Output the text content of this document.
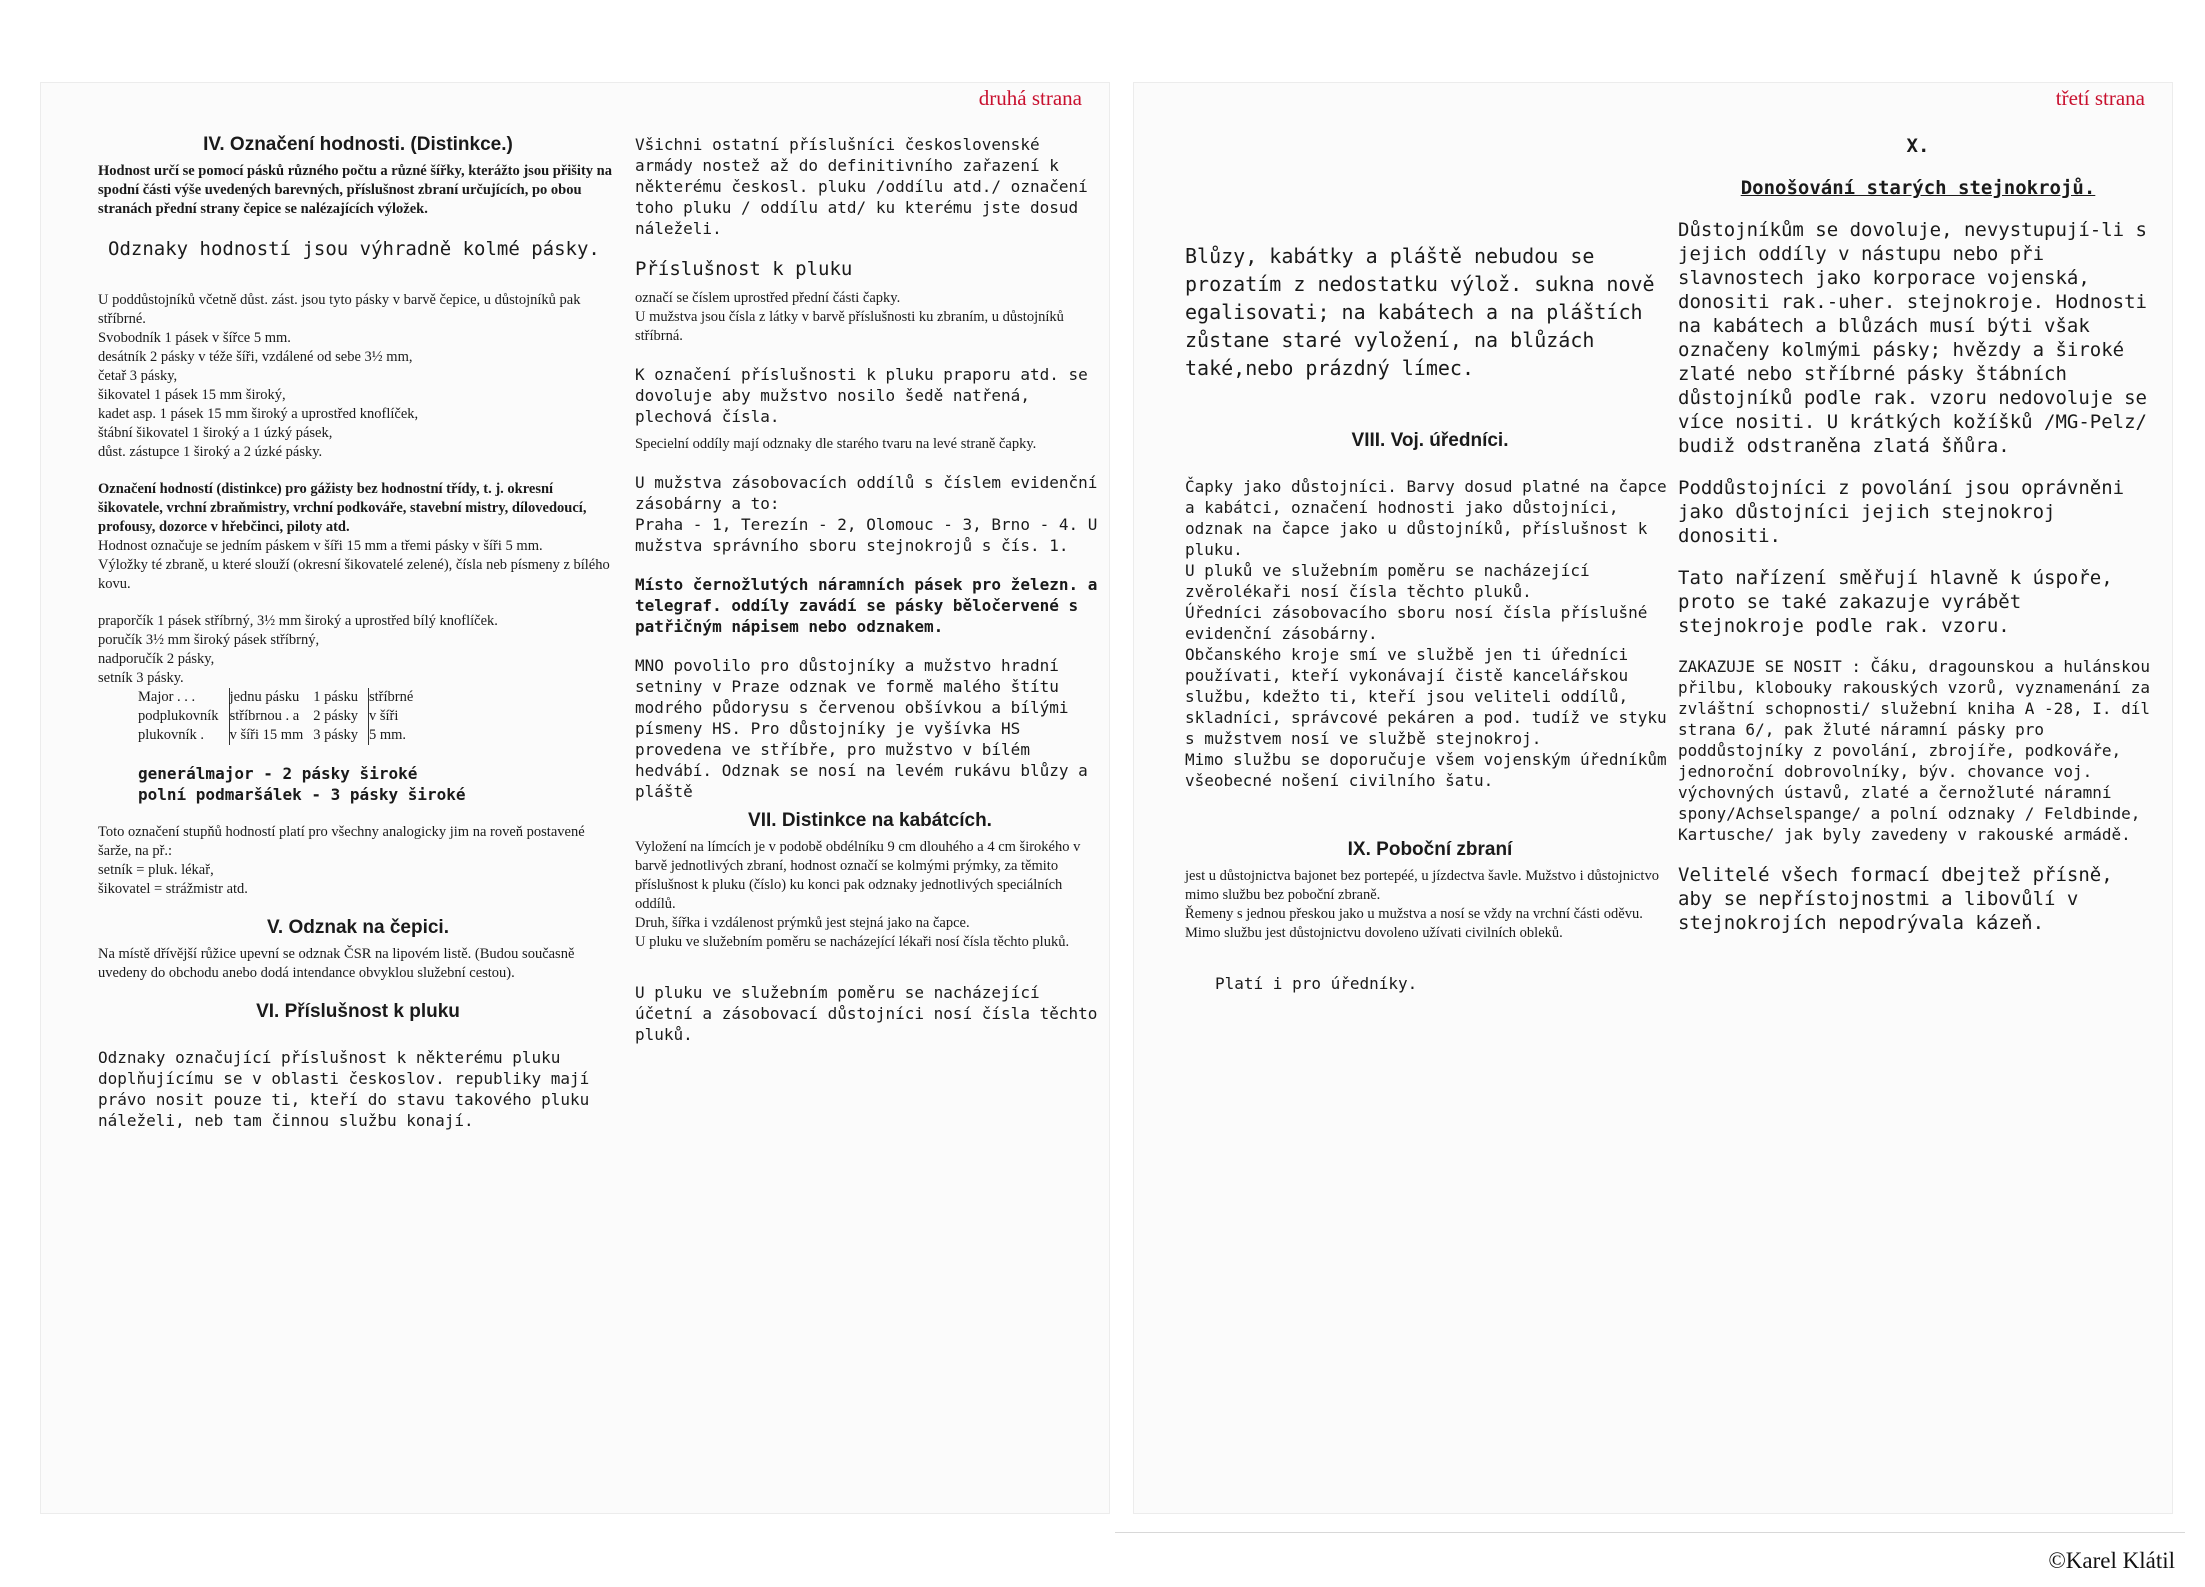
druhá strana
IV. Označení hodnosti. (Distinkce.)

Hodnost určí se pomocí pásků různého počtu a různé šířky, kterážto jsou přišity na spodní části výše uvedených barevných, příslušnost zbraní určujících, po obou stranách přední strany čepice se nalézajících výložek.

Odznaky hodností jsou výhradně kolmé pásky.

U poddůstojníků včetně důst. zást. jsou tyto pásky v barvě čepice, u důstojníků pak stříbrné.
Svobodník 1 pásek v šířce 5 mm.
desátník 2 pásky v téže šíři, vzdálené od sebe 3½ mm,
četař 3 pásky,
šikovatel 1 pásek 15 mm široký,
kadet asp. 1 pásek 15 mm široký a uprostřed knoflíček,
štábní šikovatel 1 široký a 1 úzký pásek,
důst. zástupce 1 široký a 2 úzké pásky.

Označení hodností (distinkce) pro gážisty bez hodnostní třídy, t. j. okresní šikovatele, vrchní zbraňmistry, vrchní podkováře, stavební mistry, dílovedoucí, profousy, dozorce v hřebčinci, piloty atd.

Hodnost označuje se jedním páskem v šíři 15 mm a třemi pásky v šíři 5 mm.
Výložky té zbraně, u které slouží (okresní šikovatelé zelené), čísla neb písmeny z bílého kovu.

praporčík 1 pásek stříbrný, 3½ mm široký a uprostřed bílý knoflíček.
poručík 3½ mm široký pásek stříbrný,
nadporučík 2 pásky,
setník 3 pásky.

Major . . .	jednu pásku	1 pásku	stříbrné
podplukovník	stříbrnou . a	2 pásky	v šíři
plukovník .	v šíři 15 mm	3 pásky	5 mm.

generálmajor - 2 pásky široké
polní podmaršálek - 3 pásky široké

Toto označení stupňů hodností platí pro všechny analogicky jim na roveň postavené šarže, na př.:
setník = pluk. lékař,
šikovatel = strážmistr atd.

V. Odznak na čepici.

Na místě dřívější růžice upevní se odznak ČSR na lipovém listě. (Budou současně uvedeny do obchodu anebo dodá intendance obvyklou služební cestou).

VI. Příslušnost k pluku

Odznaky označující příslušnost k některému pluku doplňujícímu se v oblasti českoslov. republiky mají právo nosit pouze ti, kteří do stavu takového pluku náleželi, neb tam činnou službu konají.

Všichni ostatní příslušníci československé armády nostež až do definitivního zařazení k některému českosl. pluku /oddílu atd./ označení toho pluku / oddílu atd/ ku kterému jste dosud náleželi.

Příslušnost k pluku

označí se číslem uprostřed přední části čapky.
U mužstva jsou čísla z látky v barvě příslušnosti ku zbraním, u důstojníků stříbrná.

K označení příslušnosti k pluku praporu atd. se dovoluje aby mužstvo nosilo šedě natřená, plechová čísla.

Specielní oddíly mají odznaky dle starého tvaru na levé straně čapky.

U mužstva zásobovacích oddílů s číslem evidenční zásobárny a to:
Praha - 1, Terezín - 2, Olomouc - 3, Brno - 4. U mužstva správního sboru stejnokrojů s čís. 1.

Místo černožlutých náramních pásek pro železn. a telegraf. oddíly zavádí se pásky běločervené s patřičným nápisem nebo odznakem.

MNO povolilo pro důstojníky a mužstvo hradní setniny v Praze odznak ve formě malého štítu modrého půdorysu s červenou obšívkou a bílými písmeny HS. Pro důstojníky je vyšívka HS provedena ve stříbře, pro mužstvo v bílém hedvábí. Odznak se nosí na levém rukávu blůzy a pláště

VII. Distinkce na kabátcích.

Vyložení na límcích je v podobě obdélníku 9 cm dlouhého a 4 cm širokého v barvě jednotlivých zbraní, hodnost označí se kolmými prýmky, za těmito příslušnost k pluku (číslo) ku konci pak odznaky jednotlivých speciálních oddílů.
Druh, šířka i vzdálenost prýmků jest stejná jako na čapce.
U pluku ve služebním poměru se nacházející lékaři nosí čísla těchto pluků.

U pluku ve služebním poměru se nacházející účetní a zásobovací důstojníci nosí čísla těchto pluků.

třetí strana

Blůzy, kabátky a pláště nebudou se prozatím z nedostatku výlož. sukna nově egalisovati; na kabátech a na pláštích zůstane staré vyložení, na blůzách také,nebo prázdný límec.

VIII. Voj. úředníci.

Čapky jako důstojníci. Barvy dosud platné na čapce a kabátci, označení hodnosti jako důstojníci, odznak na čapce jako u důstojníků, příslušnost k pluku.
U pluků ve služebním poměru se nacházející zvěrolékaři nosí čísla těchto pluků.
Úředníci zásobovacího sboru nosí čísla příslušné evidenční zásobárny.
Občanského kroje smí ve službě jen ti úředníci používati, kteří vykonávají čistě kancelářskou službu, kdežto ti, kteří jsou veliteli oddílů, skladníci, správcové pekáren a pod. tudíž ve styku s mužstvem nosí ve službě stejnokroj.
Mimo službu se doporučuje všem vojenským úředníkům všeobecné nošení civilního šatu.

IX. Poboční zbraní

jest u důstojnictva bajonet bez portepéé, u jízdectva šavle. Mužstvo i důstojnictvo mimo službu bez poboční zbraně.
Řemeny s jednou přeskou jako u mužstva a nosí se vždy na vrchní části oděvu. Mimo službu jest důstojnictvu dovoleno užívati civilních obleků.

Platí i pro úředníky.

X.

Donošování starých stejnokrojů.

Důstojníkům se dovoluje, nevystupují-li s jejich oddíly v nástupu nebo při slavnostech jako korporace vojenská, donositi rak.-uher. stejnokroje. Hodnosti na kabátech a blůzách musí býti však označeny kolmými pásky; hvězdy a široké zlaté nebo stříbrné pásky štábních důstojníků podle rak. vzoru nedovoluje se více nositi. U krátkých kožíšků /MG-Pelz/ budiž odstraněna zlatá šňůra.

Poddůstojníci z povolání jsou oprávněni jako důstojníci jejich stejnokroj donositi.

Tato nařízení směřují hlavně k úspoře, proto se také zakazuje vyrábět stejnokroje podle rak. vzoru.

ZAKAZUJE SE NOSIT : Čáku, dragounskou a hulánskou přilbu, klobouky rakouských vzorů, vyznamenání za zvláštní schopnosti/ služební kniha A -28, I. díl strana 6/, pak žluté náramní pásky pro poddůstojníky z povolání, zbrojíře, podkováře, jednoroční dobrovolníky, býv. chovance voj. výchovných ústavů, zlaté a černožluté náramní spony/Achselspange/ a polní odznaky / Feldbinde, Kartusche/ jak byly zavedeny v rakouské armádě.

Velitelé všech formací dbejtež přísně, aby se nepřístojnostmi a libovůlí v stejnokrojích nepodrývala kázeň.

©Karel Klátil
